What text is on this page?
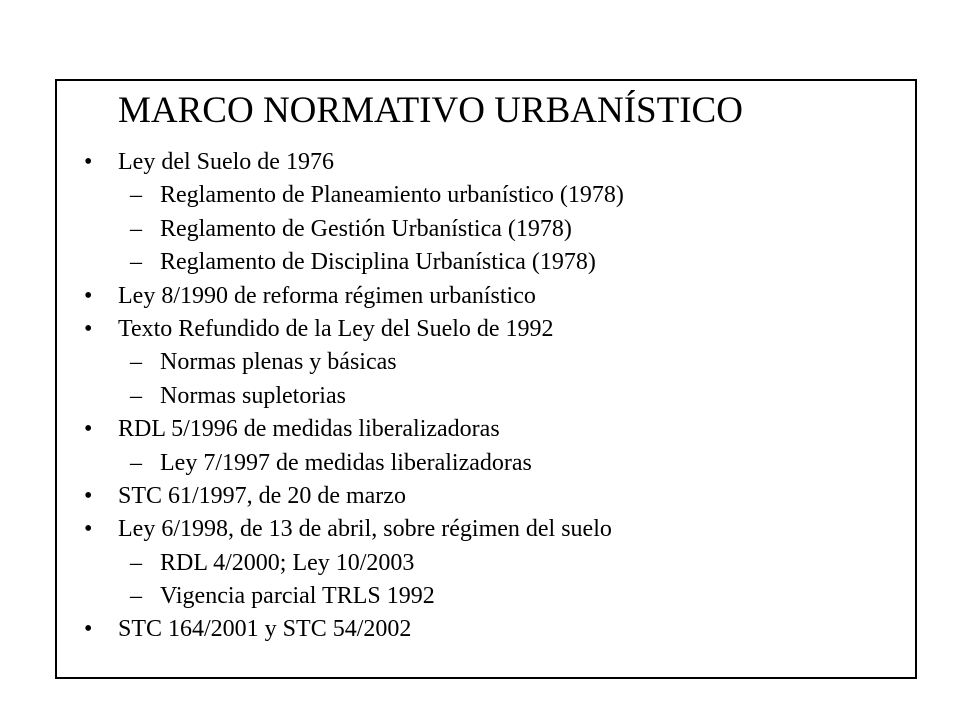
MARCO NORMATIVO URBANÍSTICO
• Ley del Suelo de 1976
– Reglamento de Planeamiento urbanístico (1978)
– Reglamento de Gestión Urbanística (1978)
– Reglamento de Disciplina Urbanística (1978)
• Ley 8/1990 de reforma régimen urbanístico
• Texto Refundido de la Ley del Suelo de 1992
– Normas plenas y básicas
– Normas supletorias
• RDL 5/1996 de medidas liberalizadoras
– Ley 7/1997 de medidas liberalizadoras
• STC 61/1997, de 20 de marzo
• Ley 6/1998, de 13 de abril, sobre régimen del suelo
– RDL 4/2000; Ley 10/2003
– Vigencia parcial TRLS 1992
• STC 164/2001 y STC 54/2002
